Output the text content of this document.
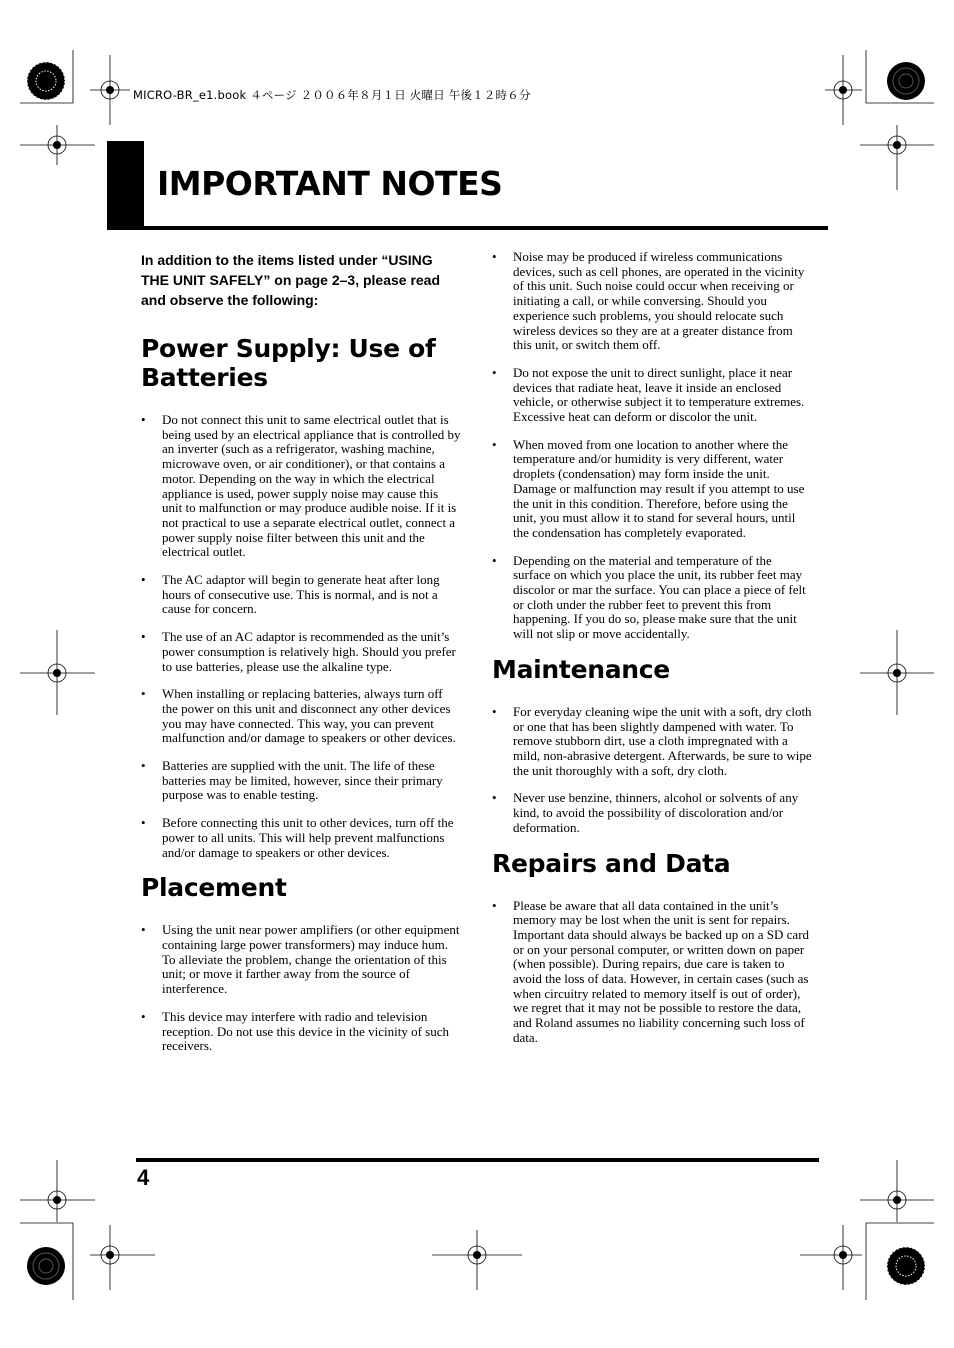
MICRO-BR_e1.book ４ページ ２００６年８月１日 火曜日 午後１２時６分
IMPORTANT NOTES

In addition to the items listed under “USING THE UNIT SAFELY” on page 2–3, please read and observe the following:

Power Supply: Use of Batteries
• Do not connect this unit to same electrical outlet that is being used by an electrical appliance that is controlled by an inverter (such as a refrigerator, washing machine, microwave oven, or air conditioner), or that contains a motor. Depending on the way in which the electrical appliance is used, power supply noise may cause this unit to malfunction or may produce audible noise. If it is not practical to use a separate electrical outlet, connect a power supply noise filter between this unit and the electrical outlet.
• The AC adaptor will begin to generate heat after long hours of consecutive use. This is normal, and is not a cause for concern.
• The use of an AC adaptor is recommended as the unit’s power consumption is relatively high. Should you prefer to use batteries, please use the alkaline type.
• When installing or replacing batteries, always turn off the power on this unit and disconnect any other devices you may have connected. This way, you can prevent malfunction and/or damage to speakers or other devices.
• Batteries are supplied with the unit. The life of these batteries may be limited, however, since their primary purpose was to enable testing.
• Before connecting this unit to other devices, turn off the power to all units. This will help prevent malfunctions and/or damage to speakers or other devices.
Placement
• Using the unit near power amplifiers (or other equipment containing large power transformers) may induce hum. To alleviate the problem, change the orientation of this unit; or move it farther away from the source of interference.
• This device may interfere with radio and television reception. Do not use this device in the vicinity of such receivers.
• Noise may be produced if wireless communications devices, such as cell phones, are operated in the vicinity of this unit. Such noise could occur when receiving or initiating a call, or while conversing. Should you experience such problems, you should relocate such wireless devices so they are at a greater distance from this unit, or switch them off.
• Do not expose the unit to direct sunlight, place it near devices that radiate heat, leave it inside an enclosed vehicle, or otherwise subject it to temperature extremes. Excessive heat can deform or discolor the unit.
• When moved from one location to another where the temperature and/or humidity is very different, water droplets (condensation) may form inside the unit. Damage or malfunction may result if you attempt to use the unit in this condition. Therefore, before using the unit, you must allow it to stand for several hours, until the condensation has completely evaporated.
• Depending on the material and temperature of the surface on which you place the unit, its rubber feet may discolor or mar the surface. You can place a piece of felt or cloth under the rubber feet to prevent this from happening. If you do so, please make sure that the unit will not slip or move accidentally.
Maintenance
• For everyday cleaning wipe the unit with a soft, dry cloth or one that has been slightly dampened with water. To remove stubborn dirt, use a cloth impregnated with a mild, non-abrasive detergent. Afterwards, be sure to wipe the unit thoroughly with a soft, dry cloth.
• Never use benzine, thinners, alcohol or solvents of any kind, to avoid the possibility of discoloration and/or deformation.
Repairs and Data
• Please be aware that all data contained in the unit’s memory may be lost when the unit is sent for repairs. Important data should always be backed up on a SD card or on your personal computer, or written down on paper (when possible). During repairs, due care is taken to avoid the loss of data. However, in certain cases (such as when circuitry related to memory itself is out of order), we regret that it may not be possible to restore the data, and Roland assumes no liability concerning such loss of data.
4
